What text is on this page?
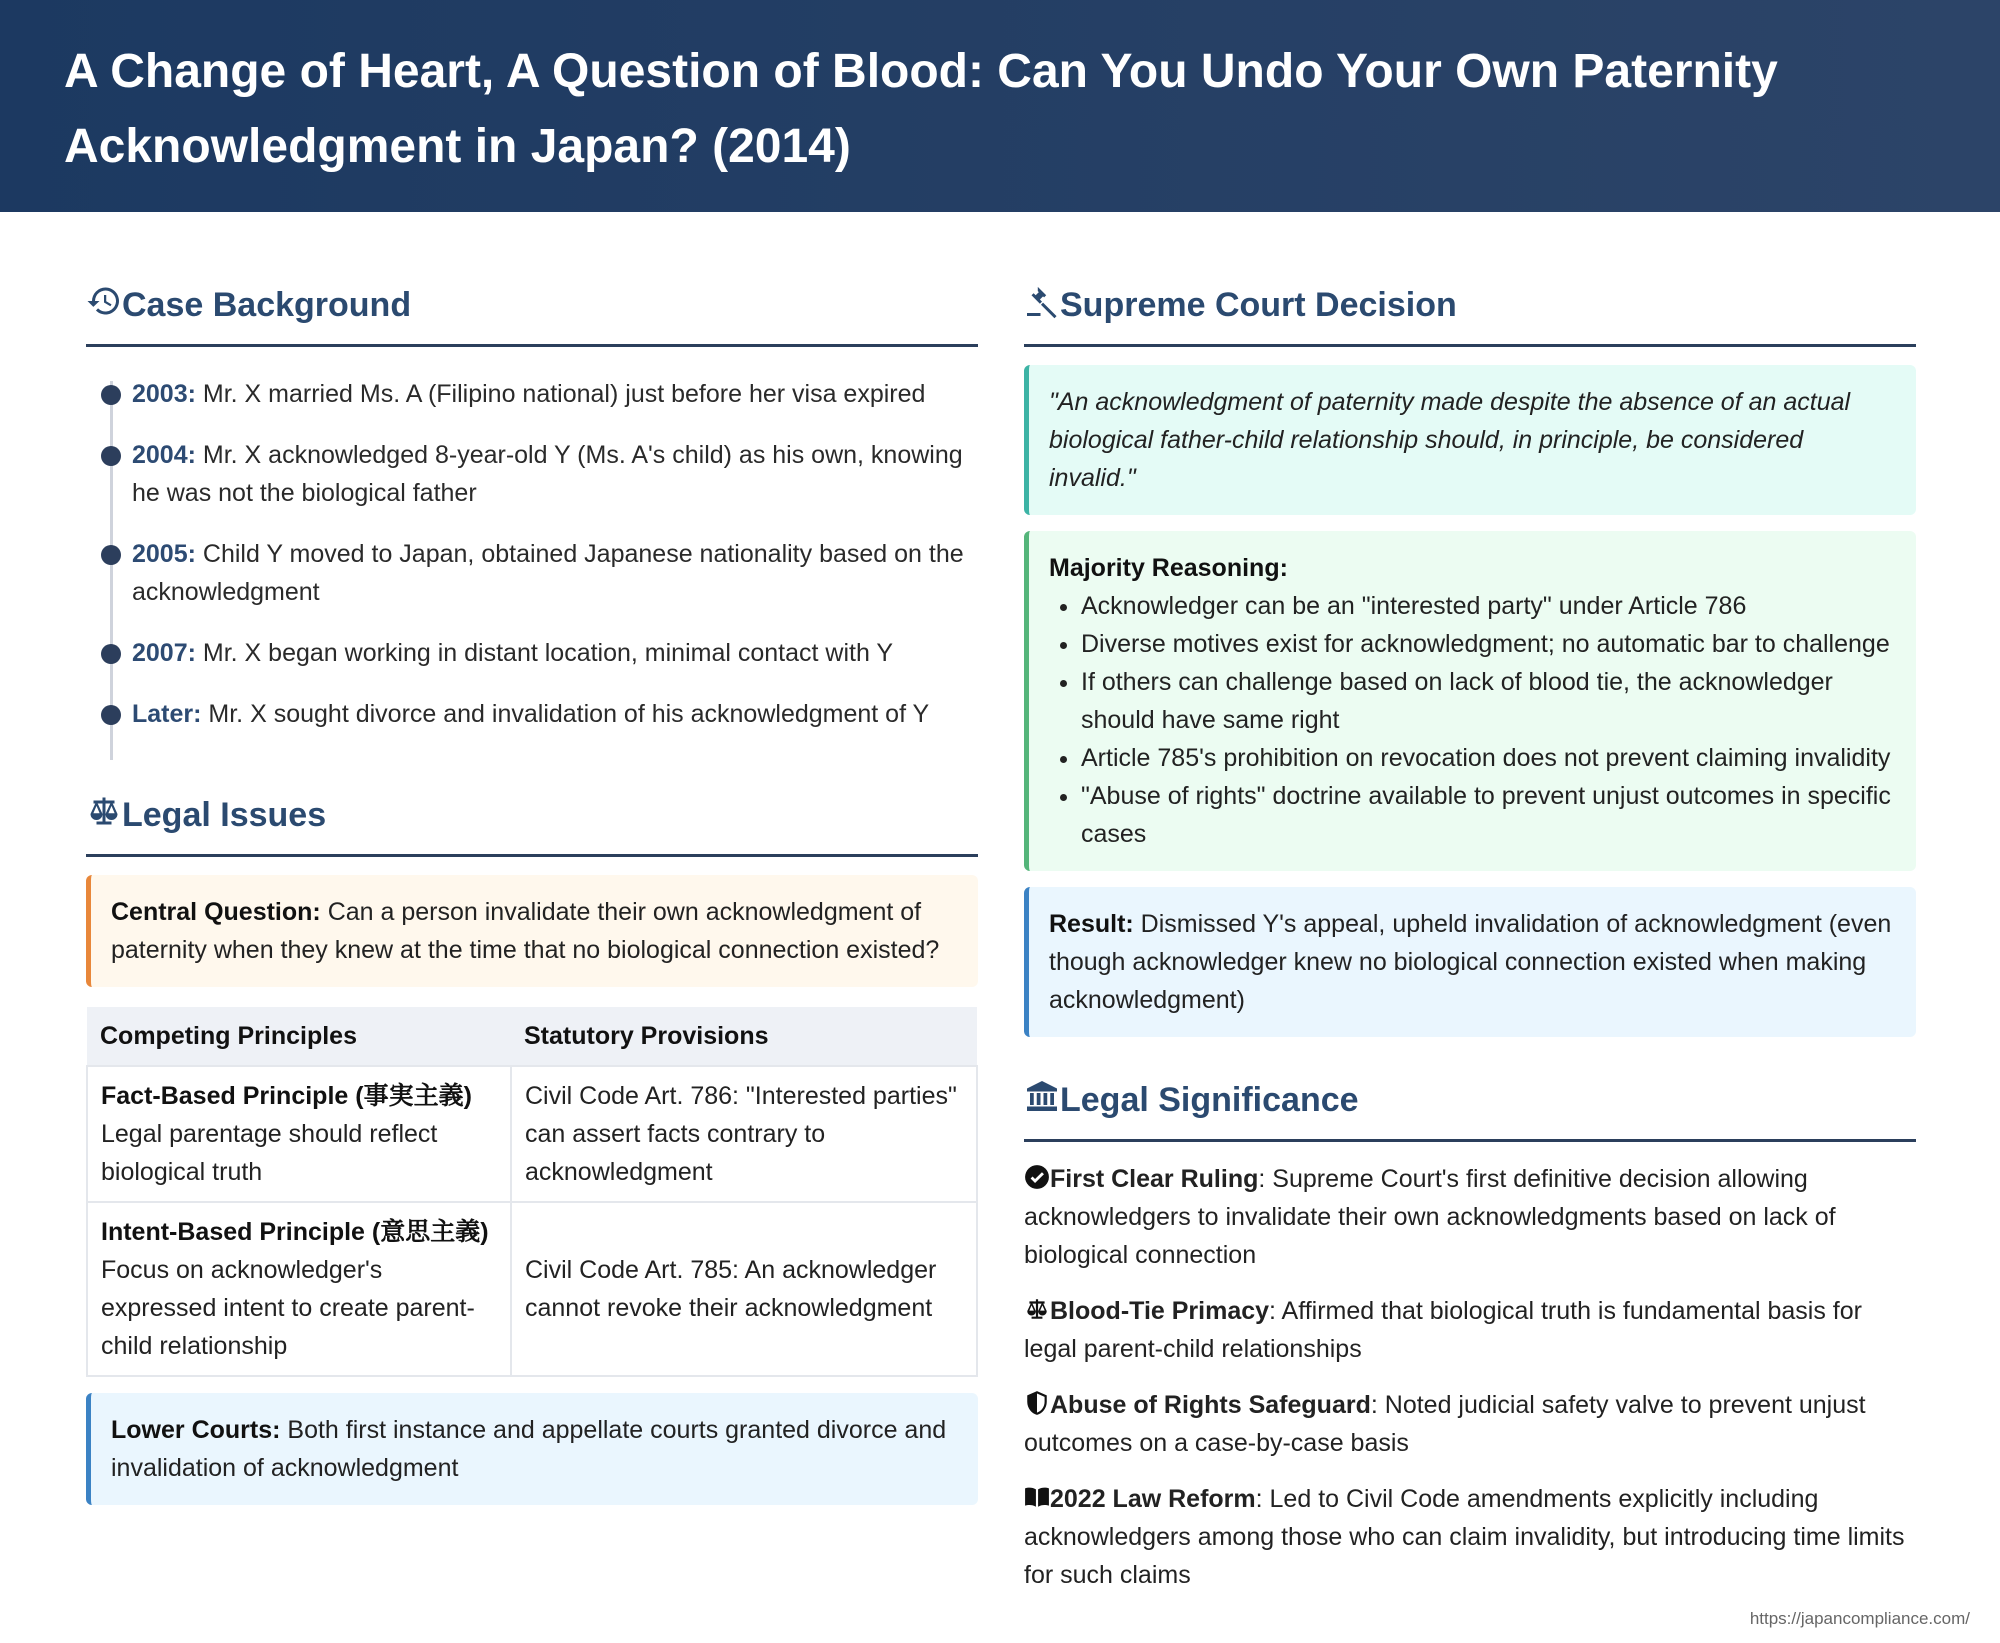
A Change of Heart, A Question of Blood: Can You Undo Your Own Paternity Acknowledgment in Japan? (2014)
Case Background
2003: Mr. X married Ms. A (Filipino national) just before her visa expired
2004: Mr. X acknowledged 8-year-old Y (Ms. A's child) as his own, knowing he was not the biological father
2005: Child Y moved to Japan, obtained Japanese nationality based on the acknowledgment
2007: Mr. X began working in distant location, minimal contact with Y
Later: Mr. X sought divorce and invalidation of his acknowledgment of Y
Legal Issues
Central Question: Can a person invalidate their own acknowledgment of paternity when they knew at the time that no biological connection existed?
Competing Principles	Statutory Provisions
Fact-Based Principle (事実主義)
Legal parentage should reflect biological truth	Civil Code Art. 786: "Interested parties" can assert facts contrary to acknowledgment
Intent-Based Principle (意思主義)
Focus on acknowledger's expressed intent to create parent-child relationship	Civil Code Art. 785: An acknowledger cannot revoke their acknowledgment
Lower Courts: Both first instance and appellate courts granted divorce and invalidation of acknowledgment
Supreme Court Decision
"An acknowledgment of paternity made despite the absence of an actual biological father-child relationship should, in principle, be considered invalid."
Majority Reasoning:
• Acknowledger can be an "interested party" under Article 786
• Diverse motives exist for acknowledgment; no automatic bar to challenge
• If others can challenge based on lack of blood tie, the acknowledger should have same right
• Article 785's prohibition on revocation does not prevent claiming invalidity
• "Abuse of rights" doctrine available to prevent unjust outcomes in specific cases
Result: Dismissed Y's appeal, upheld invalidation of acknowledgment (even though acknowledger knew no biological connection existed when making acknowledgment)
Legal Significance
First Clear Ruling: Supreme Court's first definitive decision allowing acknowledgers to invalidate their own acknowledgments based on lack of biological connection
Blood-Tie Primacy: Affirmed that biological truth is fundamental basis for legal parent-child relationships
Abuse of Rights Safeguard: Noted judicial safety valve to prevent unjust outcomes on a case-by-case basis
2022 Law Reform: Led to Civil Code amendments explicitly including acknowledgers among those who can claim invalidity, but introducing time limits for such claims
https://japancompliance.com/
